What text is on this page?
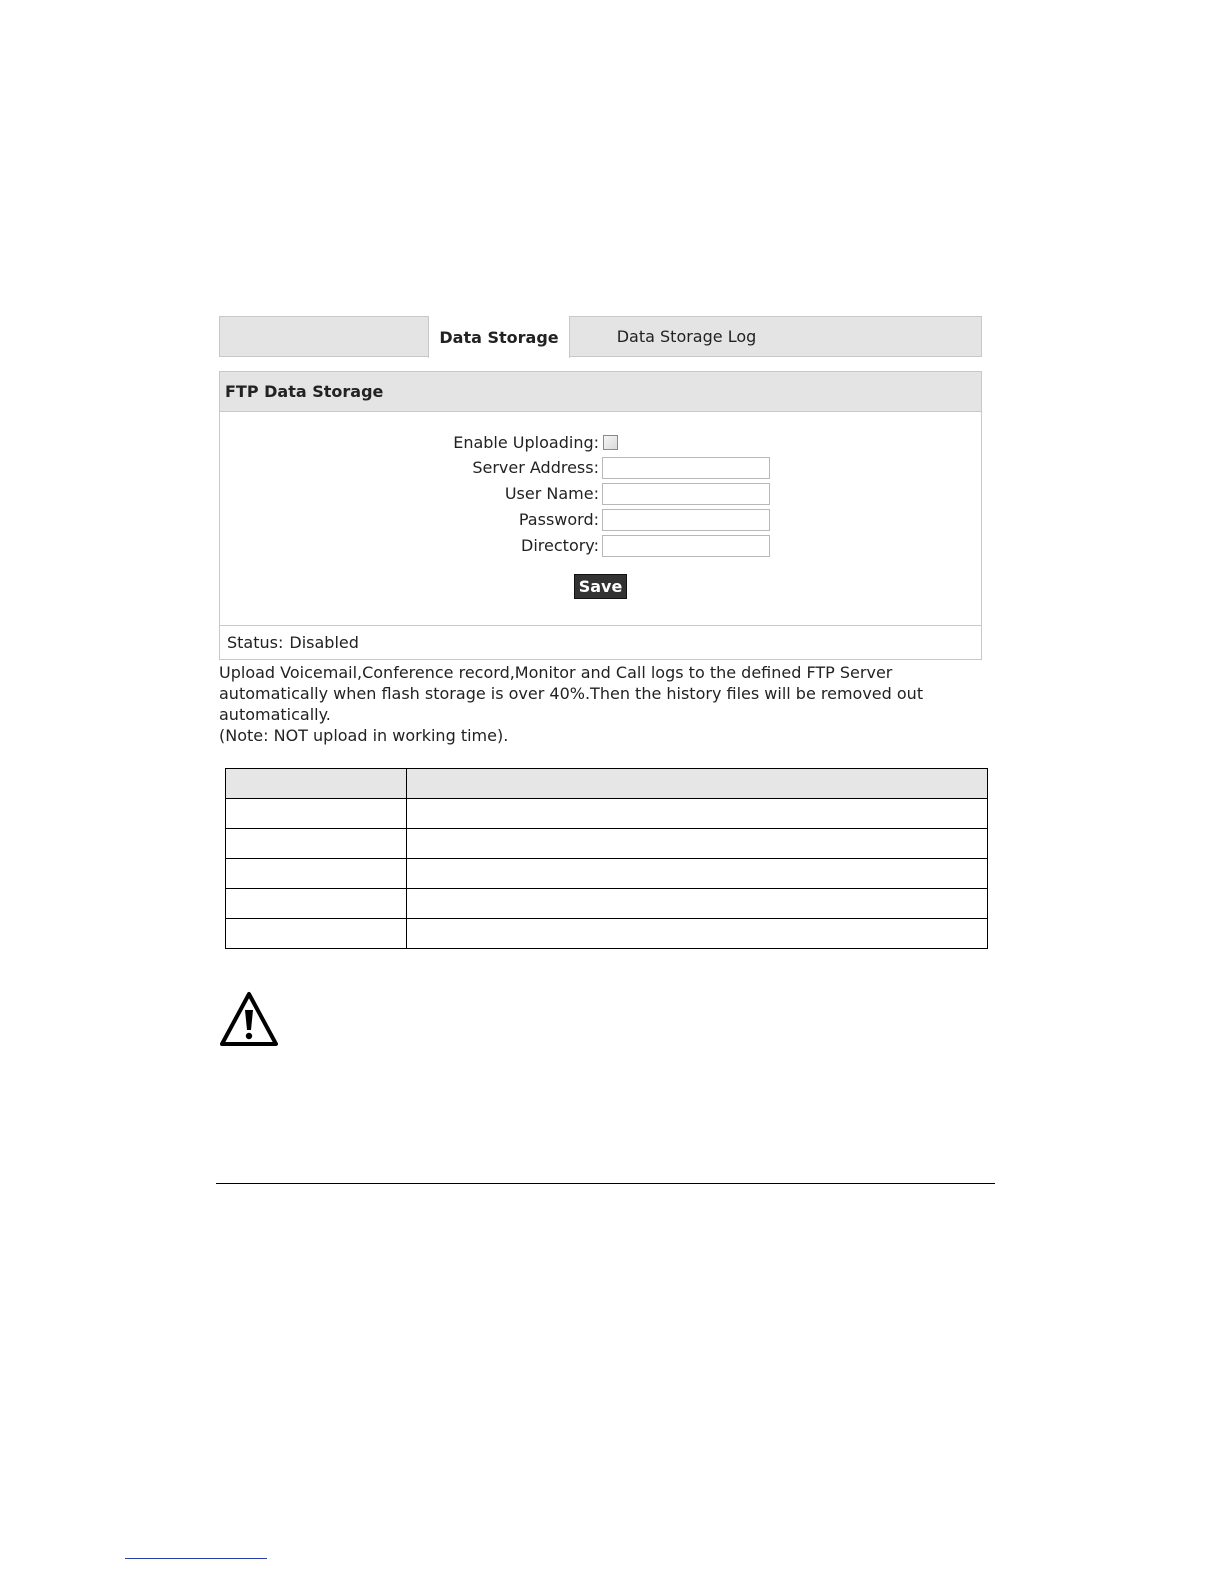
Data Storage	Data Storage Log
FTP Data Storage
Enable Uploading:
Server Address:
User Name:
Password:
Directory:
Save
Status: Disabled

Upload Voicemail,Conference record,Monitor and Call logs to the defined FTP Server

automatically when flash storage is over 40%.Then the history files will be removed out

automatically.

(Note: NOT upload in working time).
